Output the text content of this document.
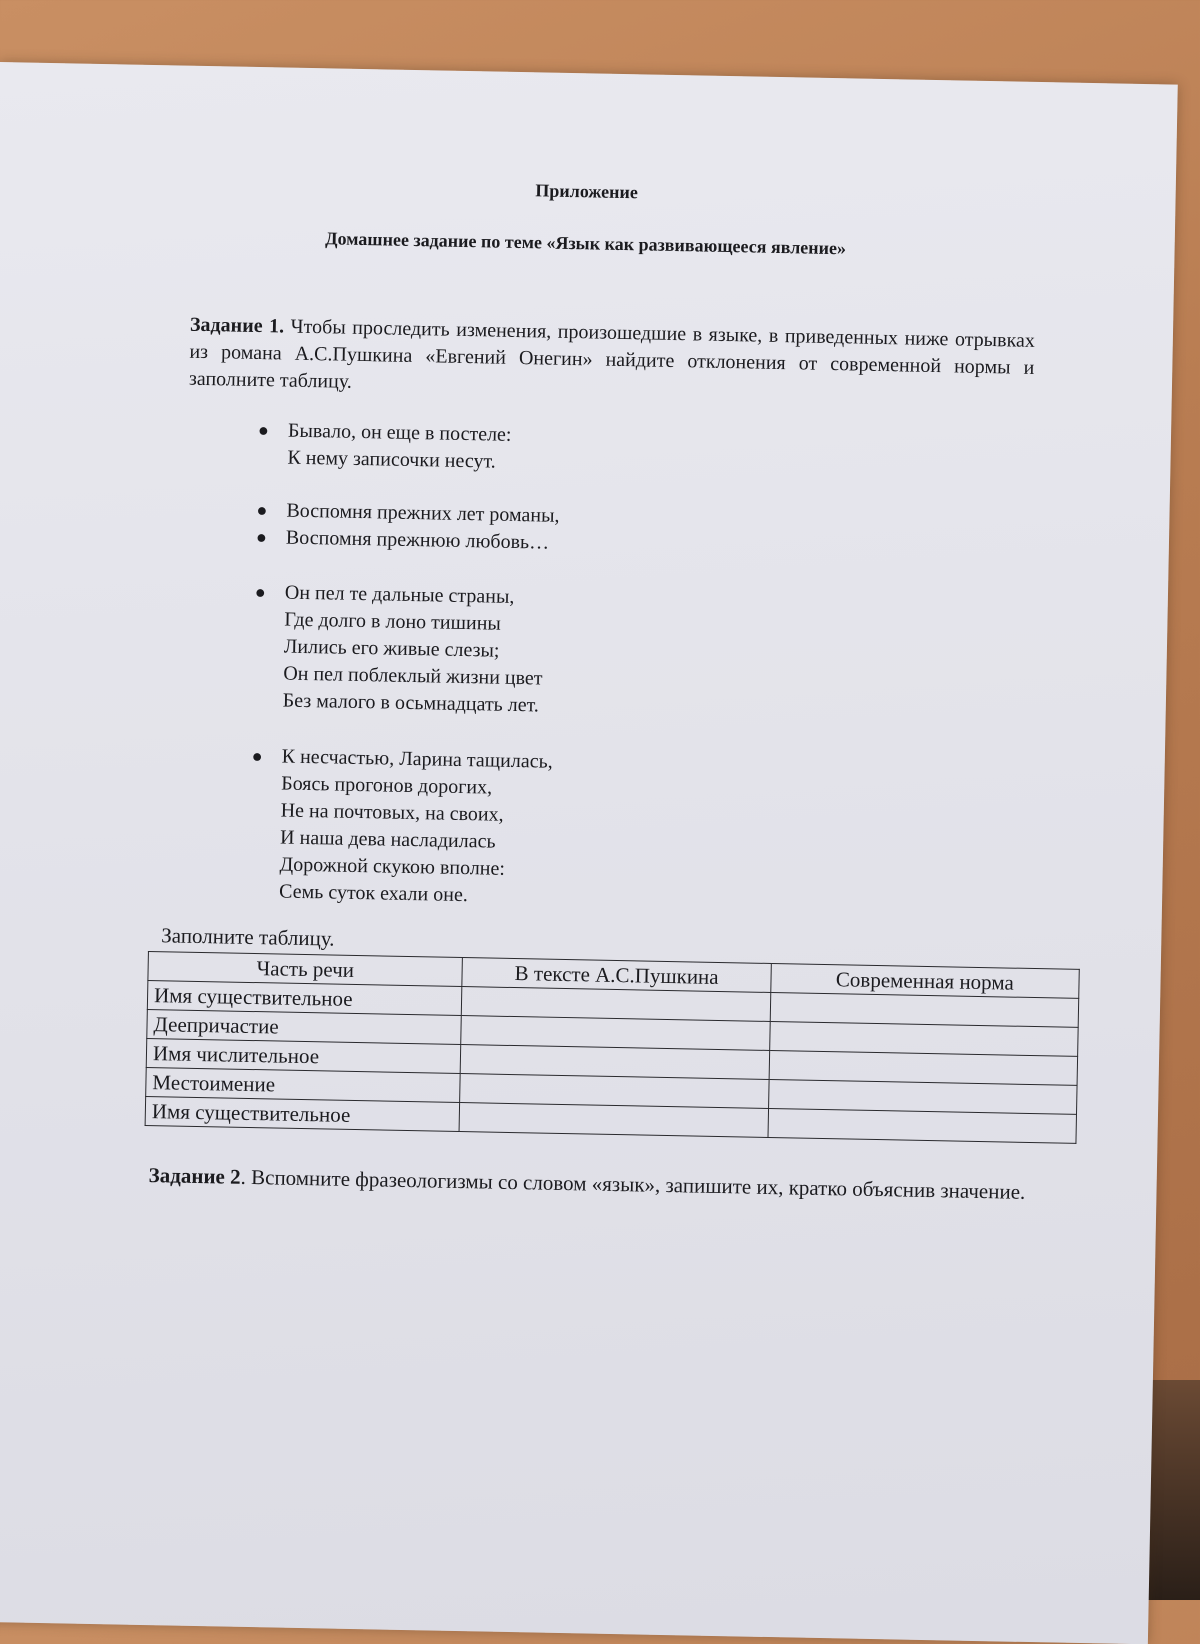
Приложение
Домашнее задание по теме «Язык как развивающееся явление»
Задание 1. Чтобы проследить изменения, произошедшие в языке, в приведенных ниже отрывках из романа А.С.Пушкина «Евгений Онегин» найдите отклонения от современной нормы и заполните таблицу.
● Бывало, он еще в постеле:
К нему записочки несут.
● Воспомня прежних лет романы,
● Воспомня прежнюю любовь…
● Он пел те дальные страны,
Где долго в лоно тишины
Лились его живые слезы;
Он пел поблеклый жизни цвет
Без малого в осьмнадцать лет.
● К несчастью, Ларина тащилась,
Боясь прогонов дорогих,
Не на почтовых, на своих,
И наша дева насладилась
Дорожной скукою вполне:
Семь суток ехали оне.
Заполните таблицу.
Часть речи	В тексте А.С.Пушкина	Современная норма
Имя существительное		
Деепричастие		
Имя числительное		
Местоимение		
Имя существительное		
Задание 2. Вспомните фразеологизмы со словом «язык», запишите их, кратко объяснив значение.
